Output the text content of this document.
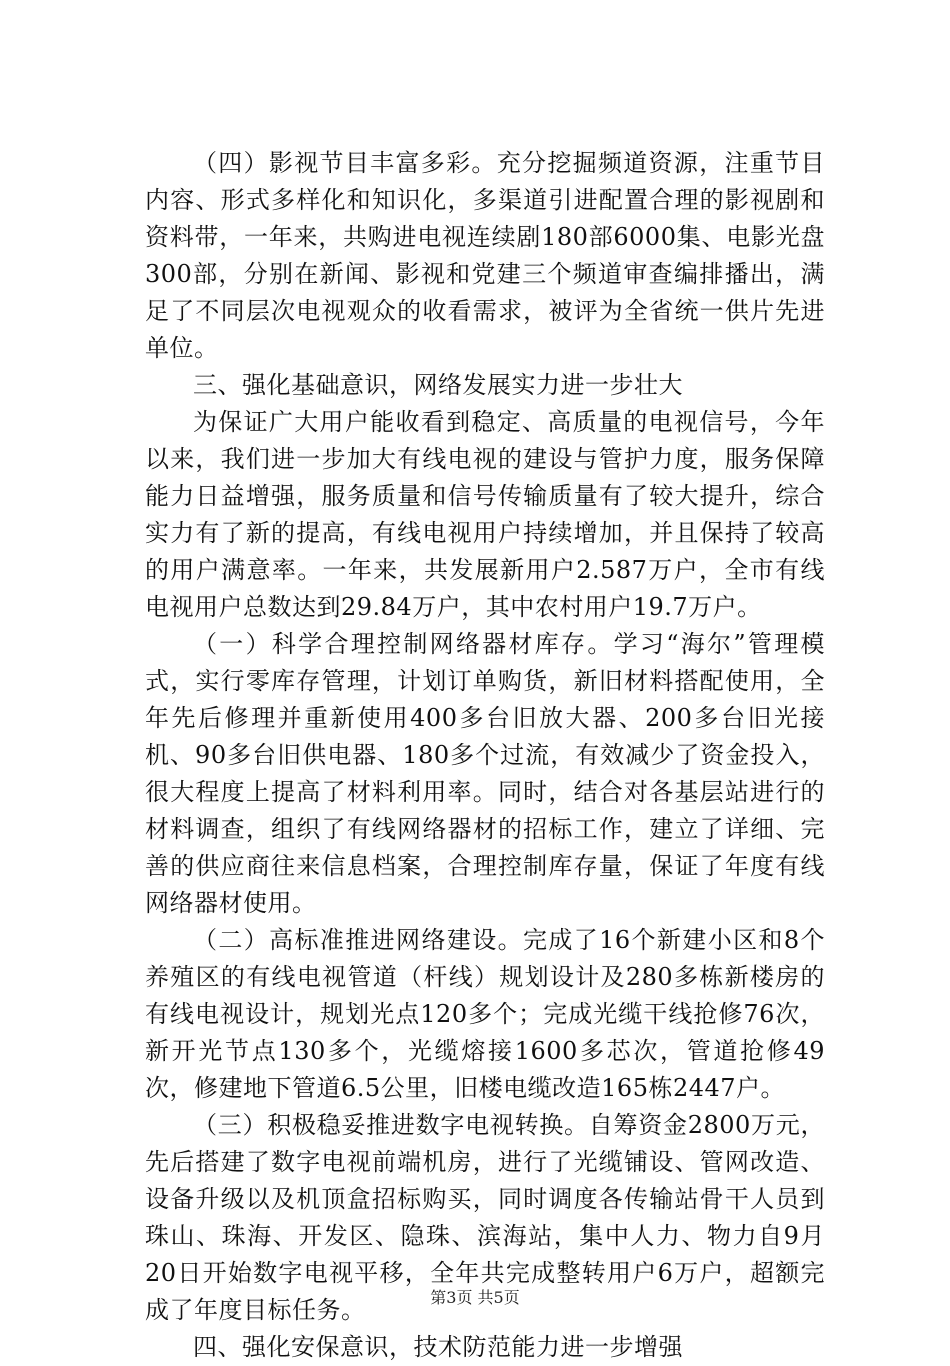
（四）影视节目丰富多彩。充分挖掘频道资源，注重节目内容、形式多样化和知识化，多渠道引进配置合理的影视剧和资料带，一年来，共购进电视连续剧180部6000集、电影光盘300部，分别在新闻、影视和党建三个频道审查编排播出，满足了不同层次电视观众的收看需求，被评为全省统一供片先进单位。

三、强化基础意识，网络发展实力进一步壮大

为保证广大用户能收看到稳定、高质量的电视信号，今年以来，我们进一步加大有线电视的建设与管护力度，服务保障能力日益增强，服务质量和信号传输质量有了较大提升，综合实力有了新的提高，有线电视用户持续增加，并且保持了较高的用户满意率。一年来，共发展新用户2.587万户，全市有线电视用户总数达到29.84万户，其中农村用户19.7万户。

（一）科学合理控制网络器材库存。学习“海尔”管理模式，实行零库存管理，计划订单购货，新旧材料搭配使用，全年先后修理并重新使用400多台旧放大器、200多台旧光接机、90多台旧供电器、180多个过流，有效减少了资金投入，很大程度上提高了材料利用率。同时，结合对各基层站进行的材料调查，组织了有线网络器材的招标工作，建立了详细、完善的供应商往来信息档案，合理控制库存量，保证了年度有线网络器材使用。

（二）高标准推进网络建设。完成了16个新建小区和8个养殖区的有线电视管道（杆线）规划设计及280多栋新楼房的有线电视设计，规划光点120多个；完成光缆干线抢修76次，新开光节点130多个，光缆熔接1600多芯次，管道抢修49次，修建地下管道6.5公里，旧楼电缆改造165栋2447户。

（三）积极稳妥推进数字电视转换。自筹资金2800万元，先后搭建了数字电视前端机房，进行了光缆铺设、管网改造、设备升级以及机顶盒招标购买，同时调度各传输站骨干人员到珠山、珠海、开发区、隐珠、滨海站，集中人力、物力自9月20日开始数字电视平移，全年共完成整转用户6万户，超额完成了年度目标任务。

四、强化安保意识，技术防范能力进一步增强

第3页 共5页
